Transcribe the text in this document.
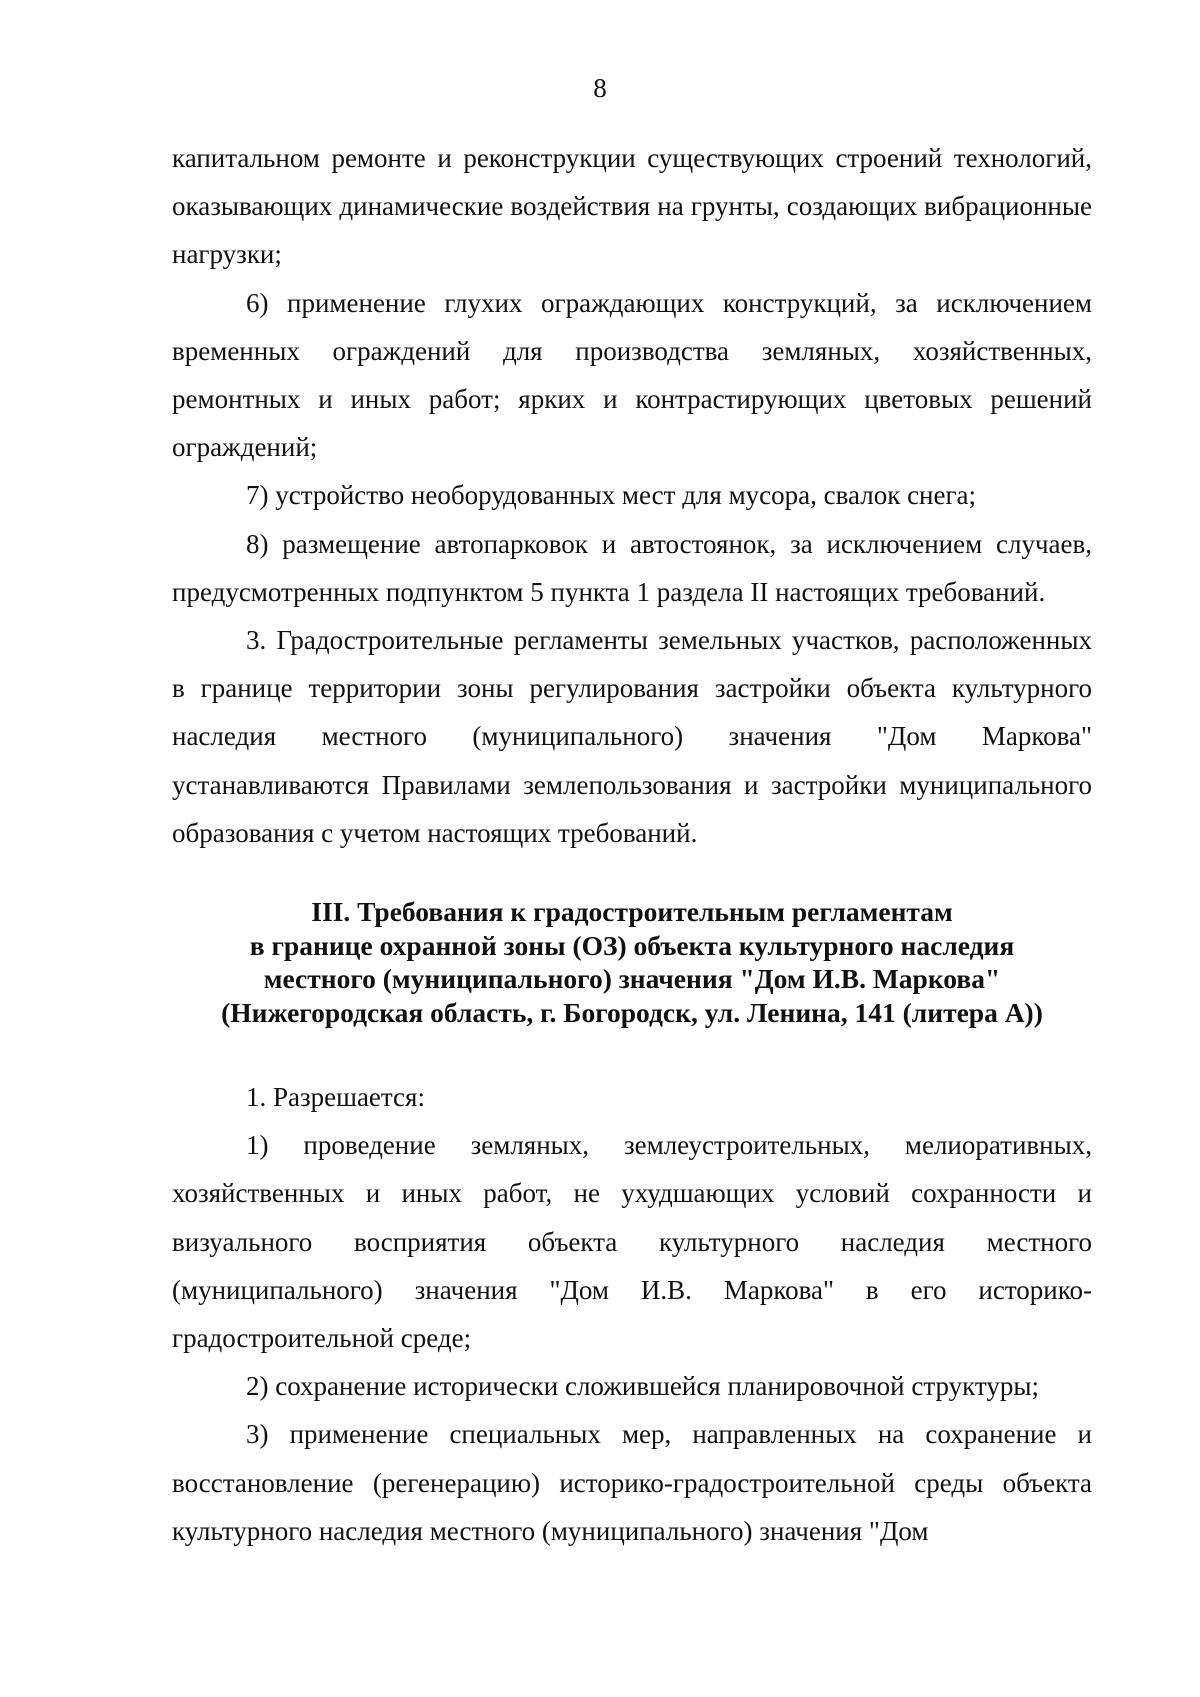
8

капитальном ремонте и реконструкции существующих строений технологий, оказывающих динамические воздействия на грунты, создающих вибрационные нагрузки;

6) применение глухих ограждающих конструкций, за исключением временных ограждений для производства земляных, хозяйственных, ремонтных и иных работ; ярких и контрастирующих цветовых решений ограждений;

7) устройство необорудованных мест для мусора, свалок снега;

8) размещение автопарковок и автостоянок, за исключением случаев, предусмотренных подпунктом 5 пункта 1 раздела II настоящих требований.

3. Градостроительные регламенты земельных участков, расположенных в границе территории зоны регулирования застройки объекта культурного наследия местного (муниципального) значения "Дом Маркова" устанавливаются Правилами землепользования и застройки муниципального образования с учетом настоящих требований.

III. Требования к градостроительным регламентам
в границе охранной зоны (ОЗ) объекта культурного наследия
местного (муниципального) значения "Дом И.В. Маркова"
(Нижегородская область, г. Богородск, ул. Ленина, 141 (литера А))

1. Разрешается:

1) проведение земляных, землеустроительных, мелиоративных, хозяйственных и иных работ, не ухудшающих условий сохранности и визуального восприятия объекта культурного наследия местного (муниципального) значения "Дом И.В. Маркова" в его историко-градостроительной среде;

2) сохранение исторически сложившейся планировочной структуры;

3) применение специальных мер, направленных на сохранение и восстановление (регенерацию) историко-градостроительной среды объекта культурного наследия местного (муниципального) значения "Дом
